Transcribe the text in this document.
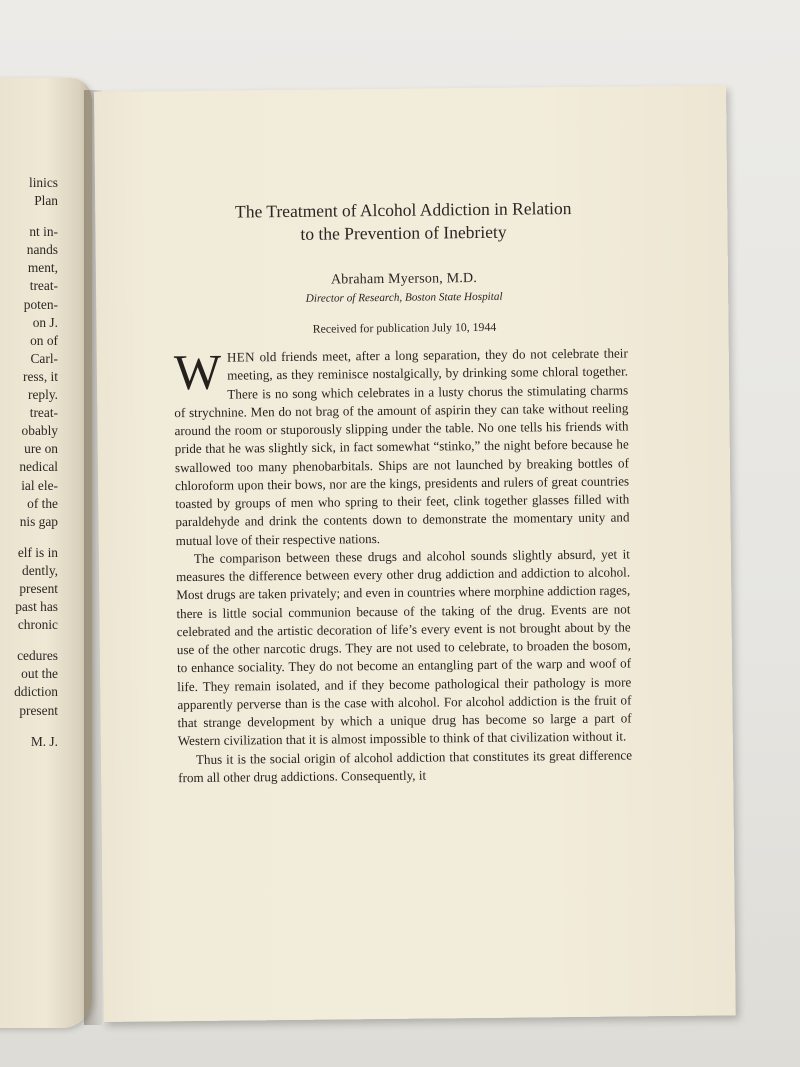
linics
Plan
nt in-
nands
ment,
treat-
poten-
on J.
on of
Carl-
ress, it
reply.
treat-
obably
ure on
nedical
ial ele-
of the
nis gap
elf is in
dently,
present
past has
chronic
cedures
out the
ddiction
present
M. J.
The Treatment of Alcohol Addiction in Relation
to the Prevention of Inebriety
Abraham Myerson, M.D.
Director of Research, Boston State Hospital
Received for publication July 10, 1944

WHEN old friends meet, after a long separation, they do not celebrate their meeting, as they reminisce nostalgically, by drinking some chloral together. There is no song which celebrates in a lusty chorus the stimulating charms of strychnine. Men do not brag of the amount of aspirin they can take without reeling around the room or stuporously slipping under the table. No one tells his friends with pride that he was slightly sick, in fact somewhat “stinko,” the night before because he swallowed too many phenobarbitals. Ships are not launched by breaking bottles of chloroform upon their bows, nor are the kings, presidents and rulers of great countries toasted by groups of men who spring to their feet, clink together glasses filled with paraldehyde and drink the contents down to demonstrate the momentary unity and mutual love of their respective nations.

The comparison between these drugs and alcohol sounds slightly absurd, yet it measures the difference between every other drug addiction and addiction to alcohol. Most drugs are taken privately; and even in countries where morphine addiction rages, there is little social communion because of the taking of the drug. Events are not celebrated and the artistic decoration of life’s every event is not brought about by the use of the other narcotic drugs. They are not used to celebrate, to broaden the bosom, to enhance sociality. They do not become an entangling part of the warp and woof of life. They remain isolated, and if they become pathological their pathology is more apparently perverse than is the case with alcohol. For alcohol addiction is the fruit of that strange development by which a unique drug has become so large a part of Western civilization that it is almost impossible to think of that civilization without it.

Thus it is the social origin of alcohol addiction that constitutes its great difference from all other drug addictions. Consequently, it
